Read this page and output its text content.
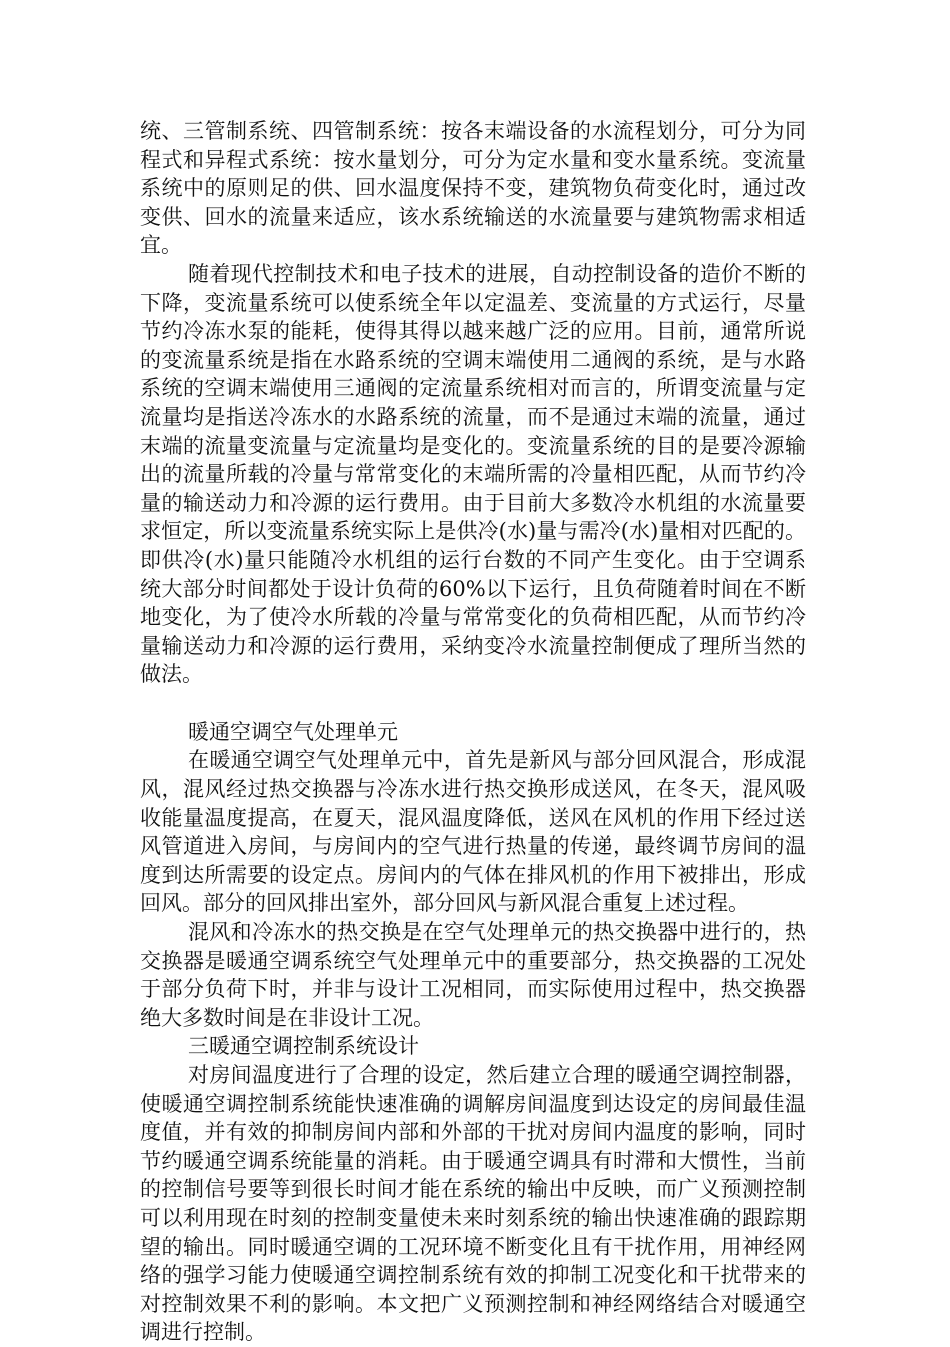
统、三管制系统、四管制系统：按各末端设备的水流程划分，可分为同程式和异程式系统：按水量划分，可分为定水量和变水量系统。变流量系统中的原则足的供、回水温度保持不变，建筑物负荷变化时，通过改变供、回水的流量来适应，该水系统输送的水流量要与建筑物需求相适宜。

随着现代控制技术和电子技术的进展，自动控制设备的造价不断的下降，变流量系统可以使系统全年以定温差、变流量的方式运行，尽量节约冷冻水泵的能耗，使得其得以越来越广泛的应用。目前，通常所说的变流量系统是指在水路系统的空调末端使用二通阀的系统，是与水路系统的空调末端使用三通阀的定流量系统相对而言的，所谓变流量与定流量均是指送冷冻水的水路系统的流量，而不是通过末端的流量，通过末端的流量变流量与定流量均是变化的。变流量系统的目的是要冷源输出的流量所载的冷量与常常变化的末端所需的冷量相匹配，从而节约冷量的输送动力和冷源的运行费用。由于目前大多数冷水机组的水流量要求恒定，所以变流量系统实际上是供冷(水)量与需冷(水)量相对匹配的。即供冷(水)量只能随冷水机组的运行台数的不同产生变化。由于空调系统大部分时间都处于设计负荷的60%以下运行，且负荷随着时间在不断地变化，为了使冷水所载的冷量与常常变化的负荷相匹配，从而节约冷量输送动力和冷源的运行费用，采纳变冷水流量控制便成了理所当然的做法。

暖通空调空气处理单元

在暖通空调空气处理单元中，首先是新风与部分回风混合，形成混风，混风经过热交换器与冷冻水进行热交换形成送风，在冬天，混风吸收能量温度提高，在夏天，混风温度降低，送风在风机的作用下经过送风管道进入房间，与房间内的空气进行热量的传递，最终调节房间的温度到达所需要的设定点。房间内的气体在排风机的作用下被排出，形成回风。部分的回风排出室外，部分回风与新风混合重复上述过程。

混风和冷冻水的热交换是在空气处理单元的热交换器中进行的，热交换器是暖通空调系统空气处理单元中的重要部分，热交换器的工况处于部分负荷下时，并非与设计工况相同，而实际使用过程中，热交换器绝大多数时间是在非设计工况。

三暖通空调控制系统设计

对房间温度进行了合理的设定，然后建立合理的暖通空调控制器，使暖通空调控制系统能快速准确的调解房间温度到达设定的房间最佳温度值，并有效的抑制房间内部和外部的干扰对房间内温度的影响，同时节约暖通空调系统能量的消耗。由于暖通空调具有时滞和大惯性，当前的控制信号要等到很长时间才能在系统的输出中反映，而广义预测控制可以利用现在时刻的控制变量使未来时刻系统的输出快速准确的跟踪期望的输出。同时暖通空调的工况环境不断变化且有干扰作用，用神经网络的强学习能力使暖通空调控制系统有效的抑制工况变化和干扰带来的对控制效果不利的影响。本文把广义预测控制和神经网络结合对暖通空调进行控制。
